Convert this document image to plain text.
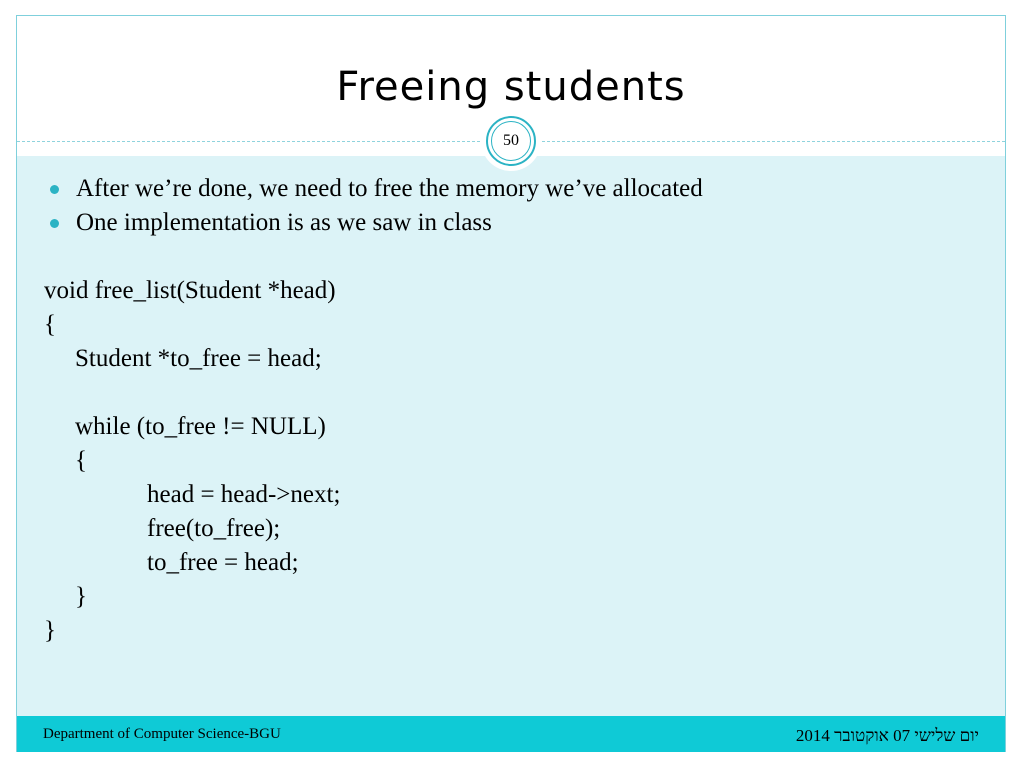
Freeing students
50
After we’re done, we need to free the memory we’ve allocated
One implementation is as we saw in class
void free_list(Student *head)
{
Student *to_free = head;
while (to_free != NULL)
{
head = head->next;
free(to_free);
to_free = head;
}
}
Department of Computer Science-BGU	יום שלישי 07 אוקטובר 2014
